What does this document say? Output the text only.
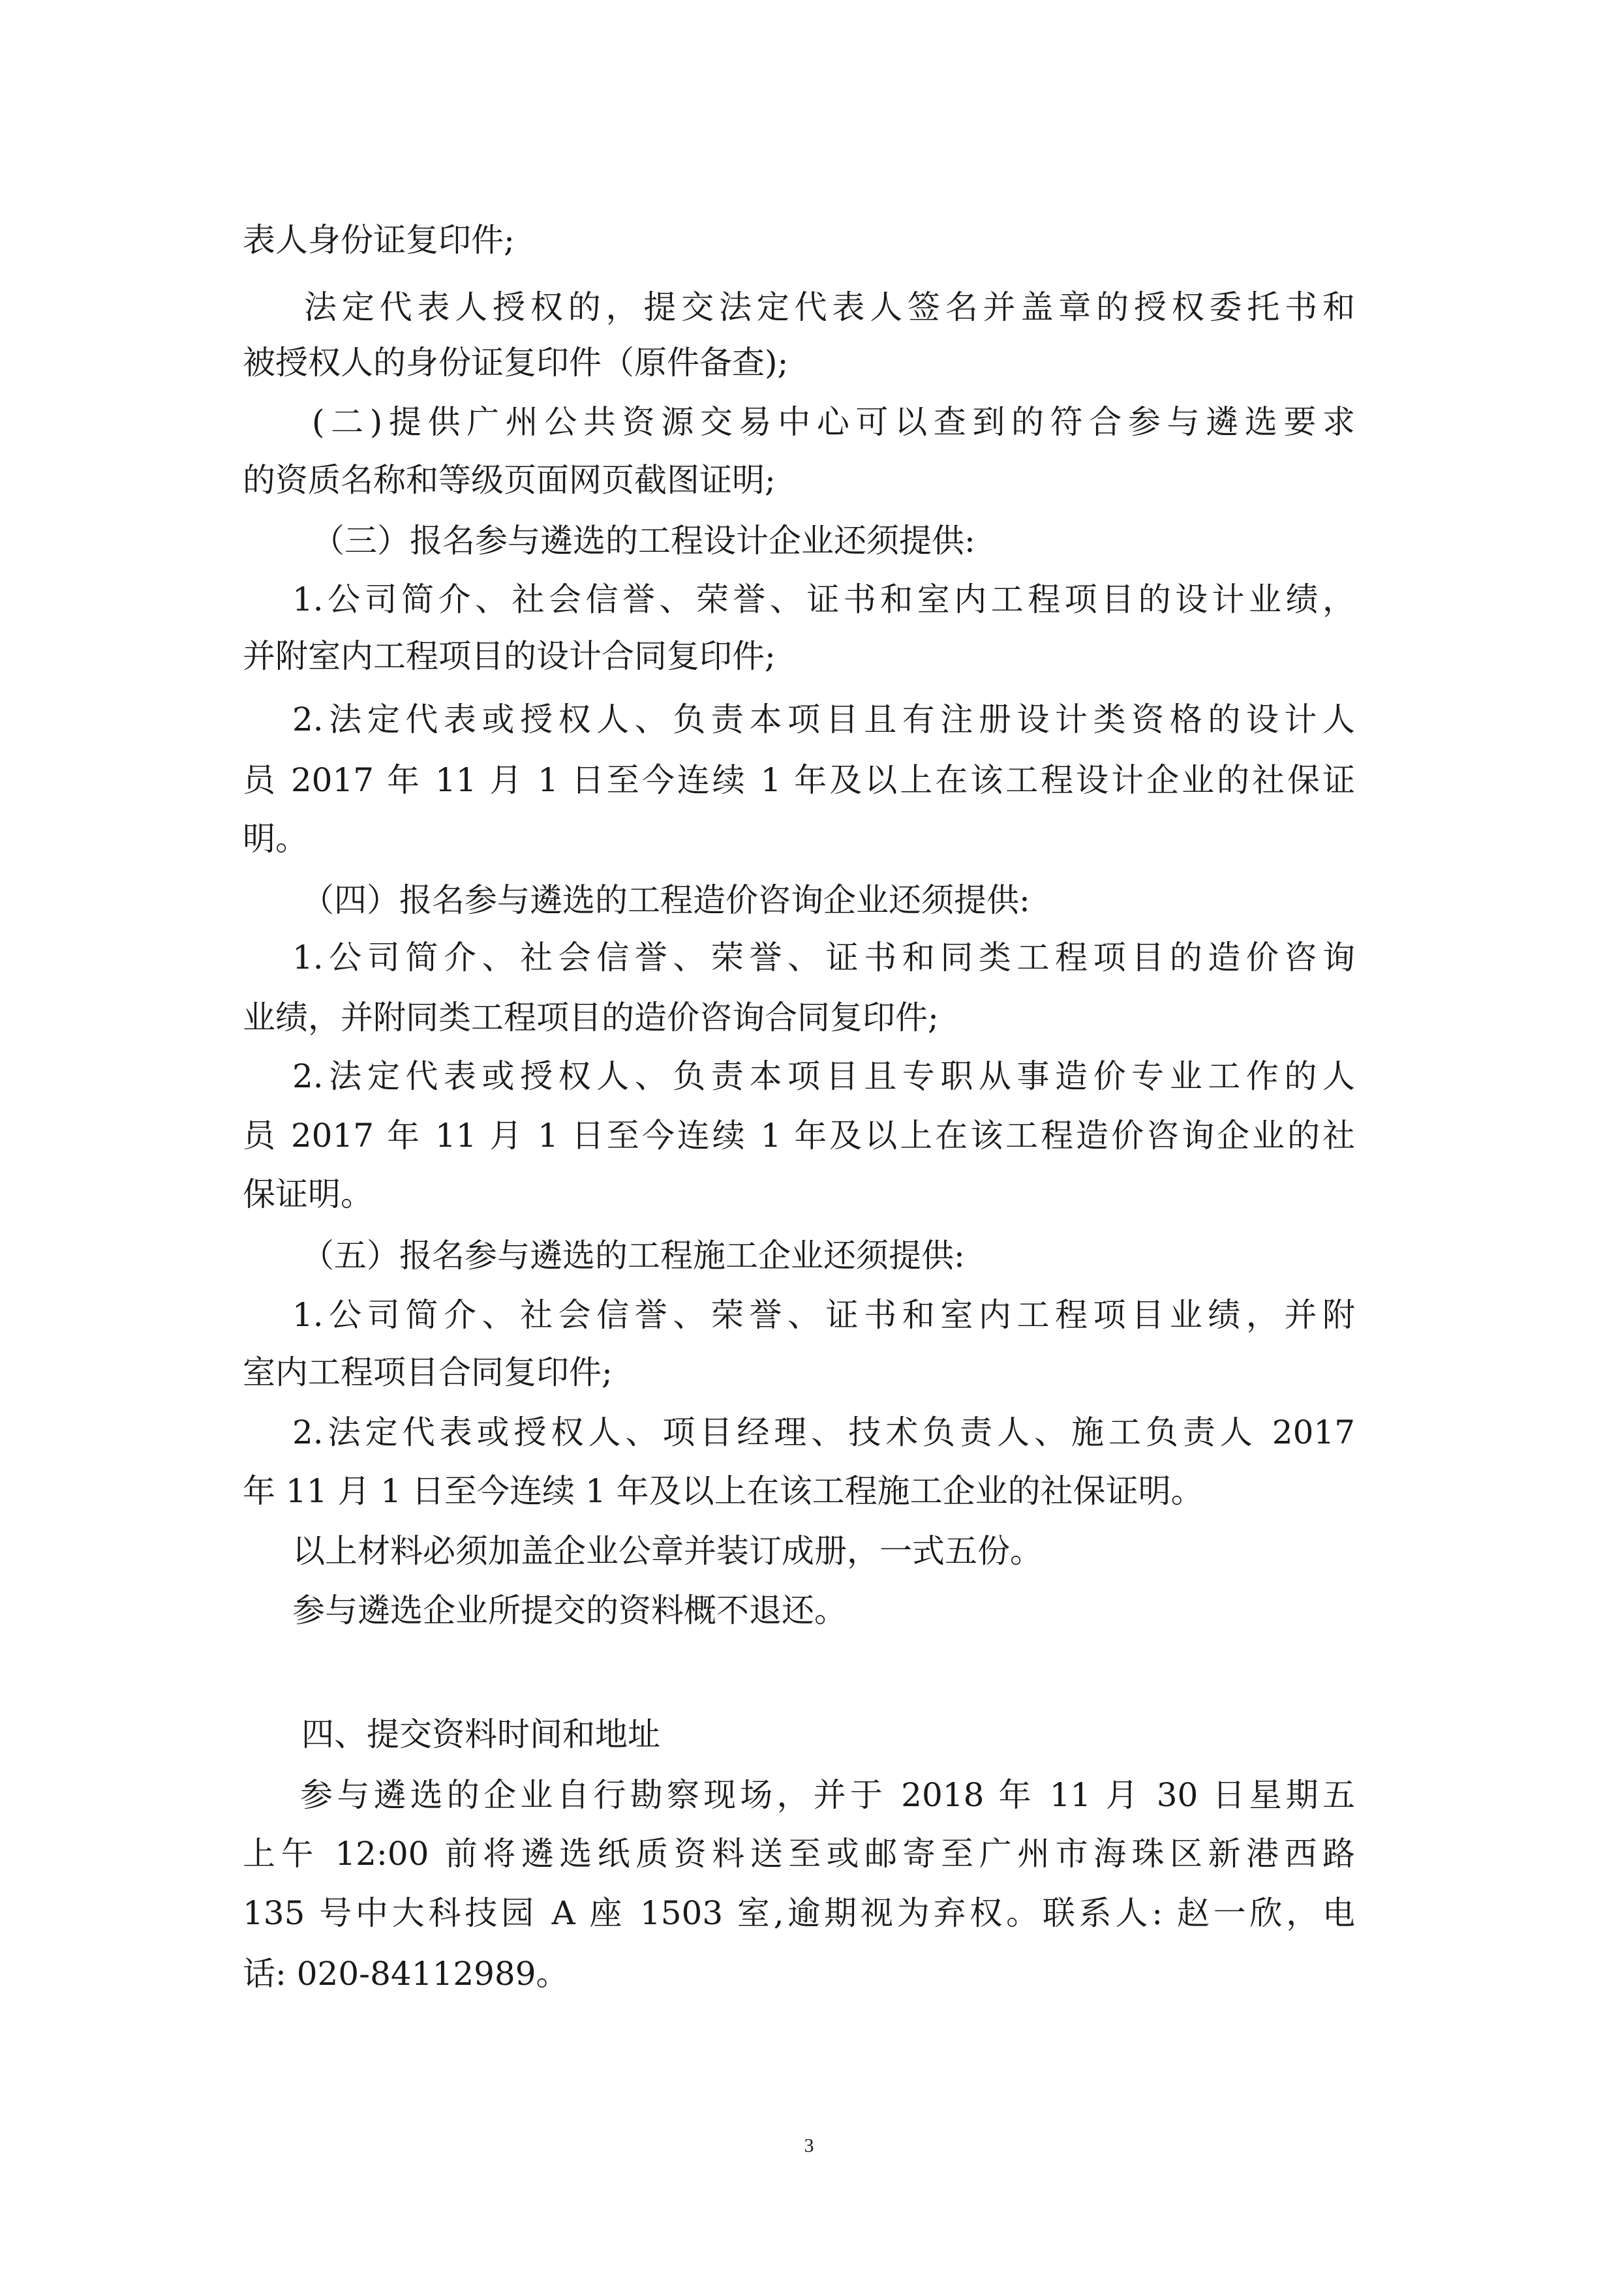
表人身份证复印件;
法定代表人授权的，提交法定代表人签名并盖章的授权委托书和
被授权人的身份证复印件（原件备查);
(二)提供广州公共资源交易中心可以查到的符合参与遴选要求
的资质名称和等级页面网页截图证明;
（三）报名参与遴选的工程设计企业还须提供:
1.公司简介、社会信誉、荣誉、证书和室内工程项目的设计业绩，
并附室内工程项目的设计合同复印件;
2.法定代表或授权人、负责本项目且有注册设计类资格的设计人
员 2017 年 11 月 1 日至今连续 1 年及以上在该工程设计企业的社保证
明。
（四）报名参与遴选的工程造价咨询企业还须提供:
1.公司简介、社会信誉、荣誉、证书和同类工程项目的造价咨询
业绩，并附同类工程项目的造价咨询合同复印件;
2.法定代表或授权人、负责本项目且专职从事造价专业工作的人
员 2017 年 11 月 1 日至今连续 1 年及以上在该工程造价咨询企业的社
保证明。
（五）报名参与遴选的工程施工企业还须提供:
1.公司简介、社会信誉、荣誉、证书和室内工程项目业绩，并附
室内工程项目合同复印件;
2.法定代表或授权人、项目经理、技术负责人、施工负责人 2017
年 11 月 1 日至今连续 1 年及以上在该工程施工企业的社保证明。
以上材料必须加盖企业公章并装订成册，一式五份。
参与遴选企业所提交的资料概不退还。
四、提交资料时间和地址
参与遴选的企业自行勘察现场，并于 2018 年 11 月 30 日星期五
上午 12:00 前将遴选纸质资料送至或邮寄至广州市海珠区新港西路
135 号中大科技园 A 座 1503 室,逾期视为弃权。联系人: 赵一欣，电
话: 020-84112989。
3
